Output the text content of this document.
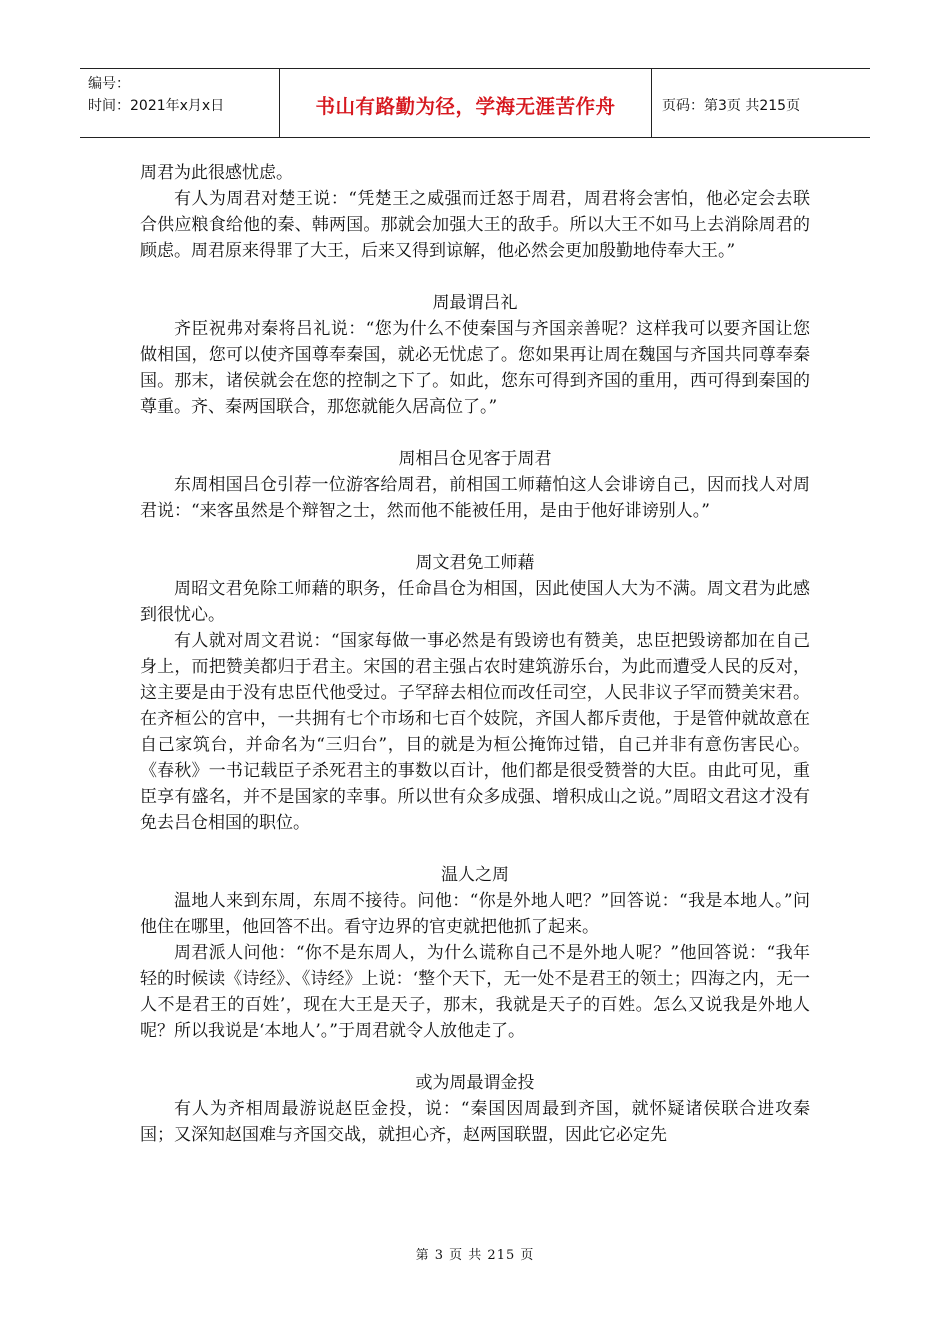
编号：
时间：2021年x月x日	书山有路勤为径，学海无涯苦作舟	页码：第3页 共215页

周君为此很感忧虑。

有人为周君对楚王说：“凭楚王之威强而迁怒于周君，周君将会害怕，他必定会去联合供应粮食给他的秦、韩两国。那就会加强大王的敌手。所以大王不如马上去消除周君的顾虑。周君原来得罪了大王，后来又得到谅解，他必然会更加殷勤地侍奉大王。”

周最谓吕礼

齐臣祝弗对秦将吕礼说：“您为什么不使秦国与齐国亲善呢？这样我可以要齐国让您做相国，您可以使齐国尊奉秦国，就必无忧虑了。您如果再让周在魏国与齐国共同尊奉秦国。那末，诸侯就会在您的控制之下了。如此，您东可得到齐国的重用，西可得到秦国的尊重。齐、秦两国联合，那您就能久居高位了。”

周相吕仓见客于周君

东周相国吕仓引荐一位游客给周君，前相国工师藉怕这人会诽谤自己，因而找人对周君说：“来客虽然是个辩智之士，然而他不能被任用，是由于他好诽谤别人。”

周文君免工师藉

周昭文君免除工师藉的职务，任命昌仓为相国，因此使国人大为不满。周文君为此感到很忧心。

有人就对周文君说：“国家每做一事必然是有毁谤也有赞美，忠臣把毁谤都加在自己身上，而把赞美都归于君主。宋国的君主强占农时建筑游乐台，为此而遭受人民的反对，这主要是由于没有忠臣代他受过。子罕辞去相位而改任司空，人民非议子罕而赞美宋君。在齐桓公的宫中，一共拥有七个市场和七百个妓院，齐国人都斥责他，于是管仲就故意在自己家筑台，并命名为“三归台”，目的就是为桓公掩饰过错，自己并非有意伤害民心。《春秋》一书记载臣子杀死君主的事数以百计，他们都是很受赞誉的大臣。由此可见，重臣享有盛名，并不是国家的幸事。所以世有众多成强、增积成山之说。”周昭文君这才没有免去吕仓相国的职位。

温人之周

温地人来到东周，东周不接待。问他：“你是外地人吧？”回答说：“我是本地人。”问他住在哪里，他回答不出。看守边界的官吏就把他抓了起来。

周君派人问他：“你不是东周人，为什么谎称自己不是外地人呢？”他回答说：“我年轻的时候读《诗经》、《诗经》上说：‘整个天下，无一处不是君王的领土；四海之内，无一人不是君王的百姓’，现在大王是天子，那末，我就是天子的百姓。怎么又说我是外地人呢？所以我说是‘本地人’。”于周君就令人放他走了。

或为周最谓金投

有人为齐相周最游说赵臣金投，说：“秦国因周最到齐国，就怀疑诸侯联合进攻秦国；又深知赵国难与齐国交战，就担心齐，赵两国联盟，因此它必定先

第 3 页 共 215 页
